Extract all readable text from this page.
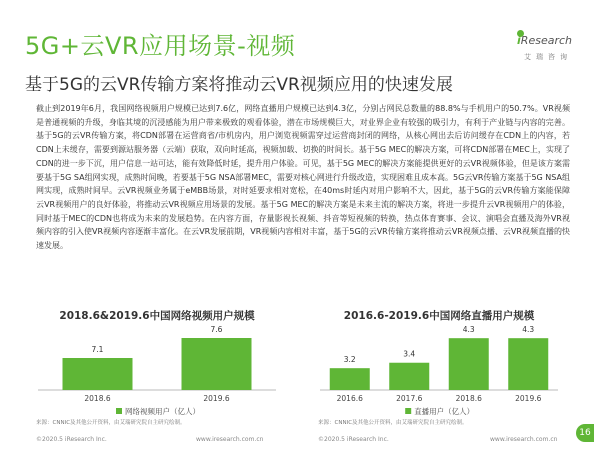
5G+云VR应用场景-视频
基于5G的云VR传输方案将推动云VR视频应用的快速发展
iResearch
艾瑞咨询

截止到2019年6月，我国网络视频用户规模已达到7.6亿，网络直播用户规模已达到4.3亿，分别占网民总数量的88.8%与手机用户的50.7%。VR视频是普通视频的升级，身临其境的沉浸感能为用户带来极致的观看体验，潜在市场规模巨大，对业界企业有较强的吸引力，有利于产业链与内容的完善。基于5G的云VR传输方案，将CDN部署在运营商省/市机房内，用户浏览视频需穿过运营商封闭的网络，从核心网出去后访问缓存在CDN上的内容，若CDN上未缓存，需要到源站服务器（云端）获取，双向时延高，视频加载、切换的时间长。基于5G MEC的解决方案，可将CDN部署在MEC上，实现了CDN的进一步下沉，用户信息一站可达，能有效降低时延，提升用户体验。可见，基于5G MEC的解决方案能提供更好的云VR视频体验，但是该方案需要基于5G SA组网实现，成熟时间晚，若要基于5G NSA部署MEC，需要对核心网进行升级改造，实现困难且成本高。5G云VR传输方案基于5G NSA组网实现，成熟时间早。云VR视频业务属于eMBB场景，对时延要求相对宽松，在40ms时延内对用户影响不大，因此，基于5G的云VR传输方案能保障云VR视频用户的良好体验，将推动云VR视频应用场景的发展。基于5G MEC的解决方案是未来主流的解决方案，将进一步提升云VR视频用户的体验，同时基于MEC的CDN也将成为未来的发展趋势。在内容方面，存量影视长视频、抖音等短视频的转换，热点体育赛事、会议、演唱会直播及海外VR视频内容的引入使VR视频内容逐渐丰富化。在云VR发展前期，VR视频内容相对丰富，基于5G的云VR传输方案将推动云VR视频点播、云VR视频直播的快速发展。

2018.6&2019.6中国网络视频用户规模
7.1
2018.6
7.6
2019.6
网络视频用户（亿人）
2016.6-2019.6中国网络直播用户规模
3.2
2016.6
3.4
2017.6
4.3
2018.6
4.3
2019.6
直播用户（亿人）
来源：CNNIC及其他公开资料，由艾瑞研究院自主研究绘制。	来源：CNNIC及其他公开资料，由艾瑞研究院自主研究绘制。
©2020.5 iResearch Inc.	www.iresearch.com.cn	©2020.5 iResearch Inc.	www.iresearch.com.cn
16
